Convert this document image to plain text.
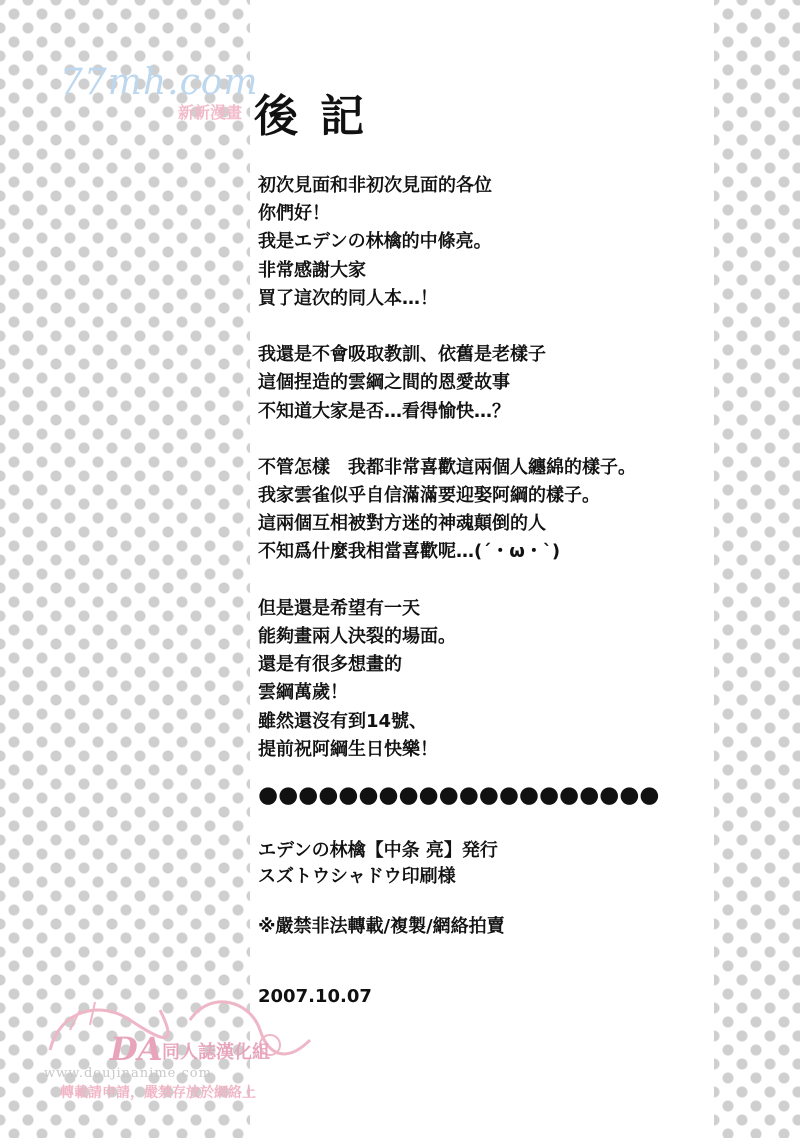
77mh.com
新新漫畫 後記
初次見面和非初次見面的各位
你們好！
我是エデンの林檎的中條亮。
非常感謝大家
買了這次的同人本…！
我還是不會吸取教訓、依舊是老樣子
這個捏造的雲綱之間的恩愛故事
不知道大家是否…看得愉快…？
不管怎樣　我都非常喜歡這兩個人纏綿的樣子。
我家雲雀似乎自信滿滿要迎娶阿綱的樣子。
這兩個互相被對方迷的神魂顛倒的人
不知爲什麼我相當喜歡呢…(´・ω・`)
但是還是希望有一天
能夠畫兩人決裂的場面。
還是有很多想畫的
雲綱萬歲！
雖然還沒有到14號、
提前祝阿綱生日快樂！
●●●●●●●●●●●●●●●●●●●●
エデンの林檎【中条 亮】発行
スズトウシャドウ印刷様
※嚴禁非法轉載/複製/網絡拍賣
2007.10.07
DA 同人誌漢化組
www.doujinanime.com
轉載請申請，嚴禁存放於網絡上
